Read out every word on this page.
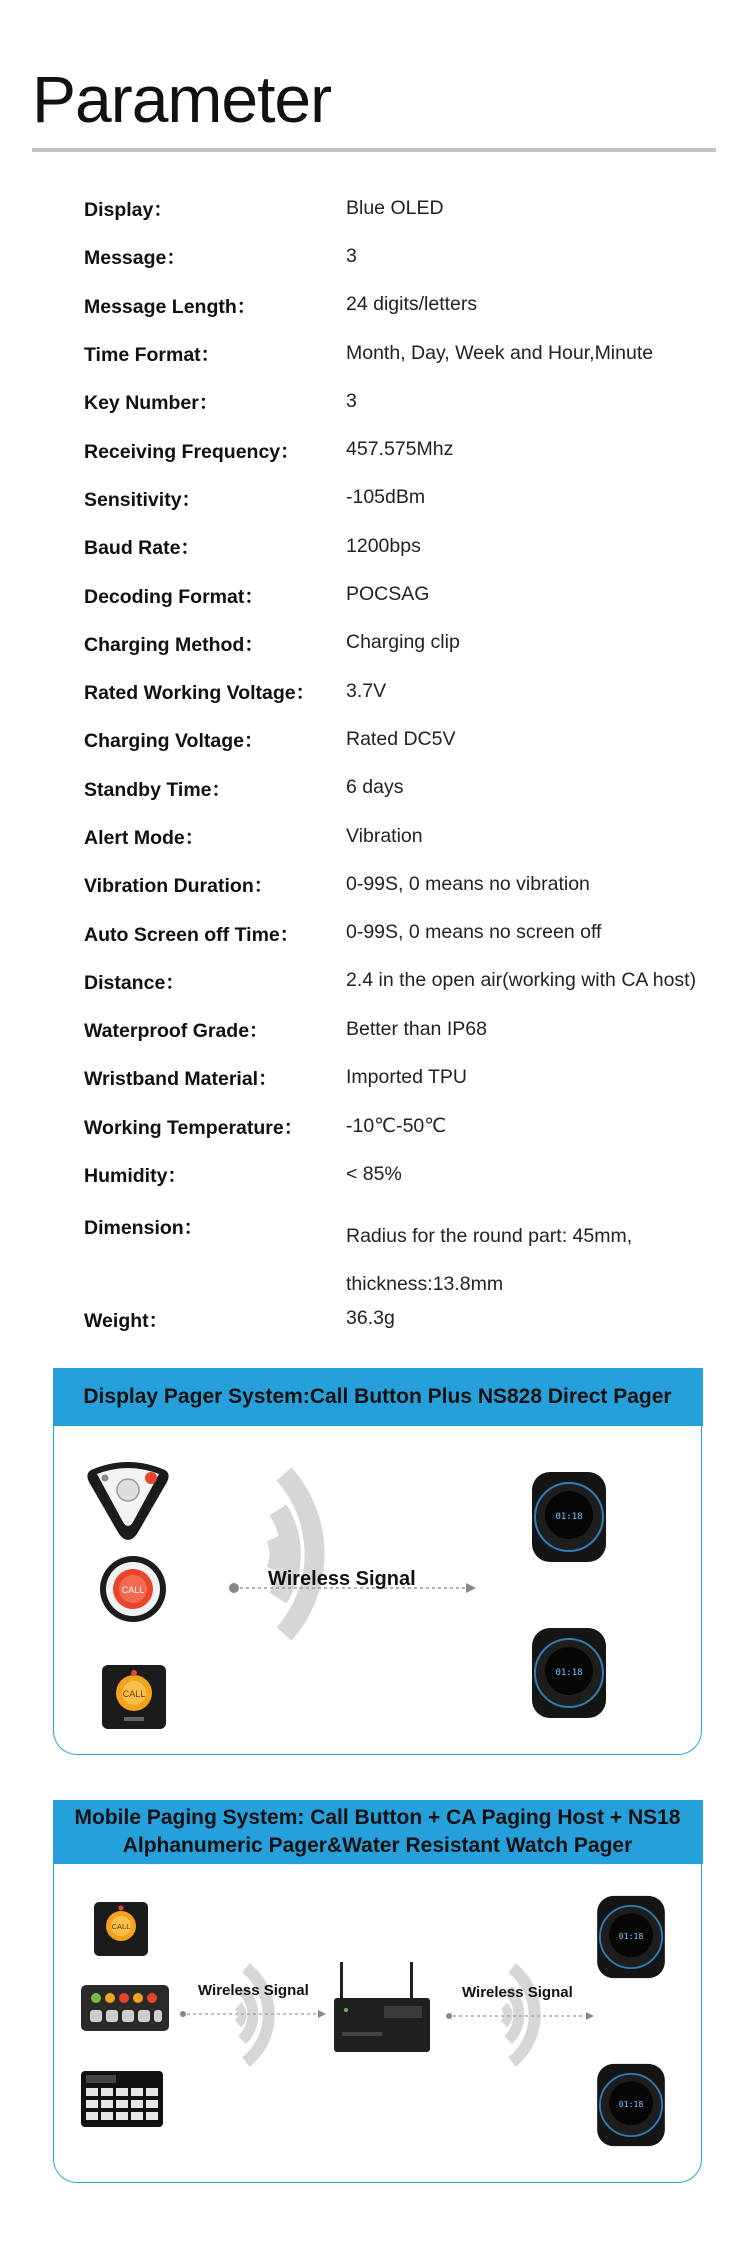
Parameter
Display：	Blue OLED
Message：	3
Message Length：	24 digits/letters
Time Format：	Month, Day, Week and Hour,Minute
Key Number：	3
Receiving Frequency：	457.575Mhz
Sensitivity：	-105dBm
Baud Rate：	1200bps
Decoding Format：	POCSAG
Charging Method：	Charging clip
Rated Working Voltage：	3.7V
Charging Voltage：	Rated DC5V
Standby Time：	6 days
Alert Mode：	Vibration
Vibration Duration：	0-99S, 0 means no vibration
Auto Screen off Time：	0-99S, 0 means no screen off
Distance：	2.4 in the open air(working with CA host)
Waterproof Grade：	Better than IP68
Wristband Material：	Imported TPU
Working Temperature：	-10℃-50℃
Humidity：	< 85%
Dimension：	Radius for the round part: 45mm,
thickness:13.8mm
Weight：	36.3g
Display Pager System:Call Button Plus NS828 Direct Pager
CALL
CALL
Wireless Signal
01:18
01:18
Mobile Paging System: Call Button + CA Paging Host + NS18
Alphanumeric Pager&Water Resistant Watch Pager
CALL
Wireless Signal	Wireless Signal
01:18
01:18
